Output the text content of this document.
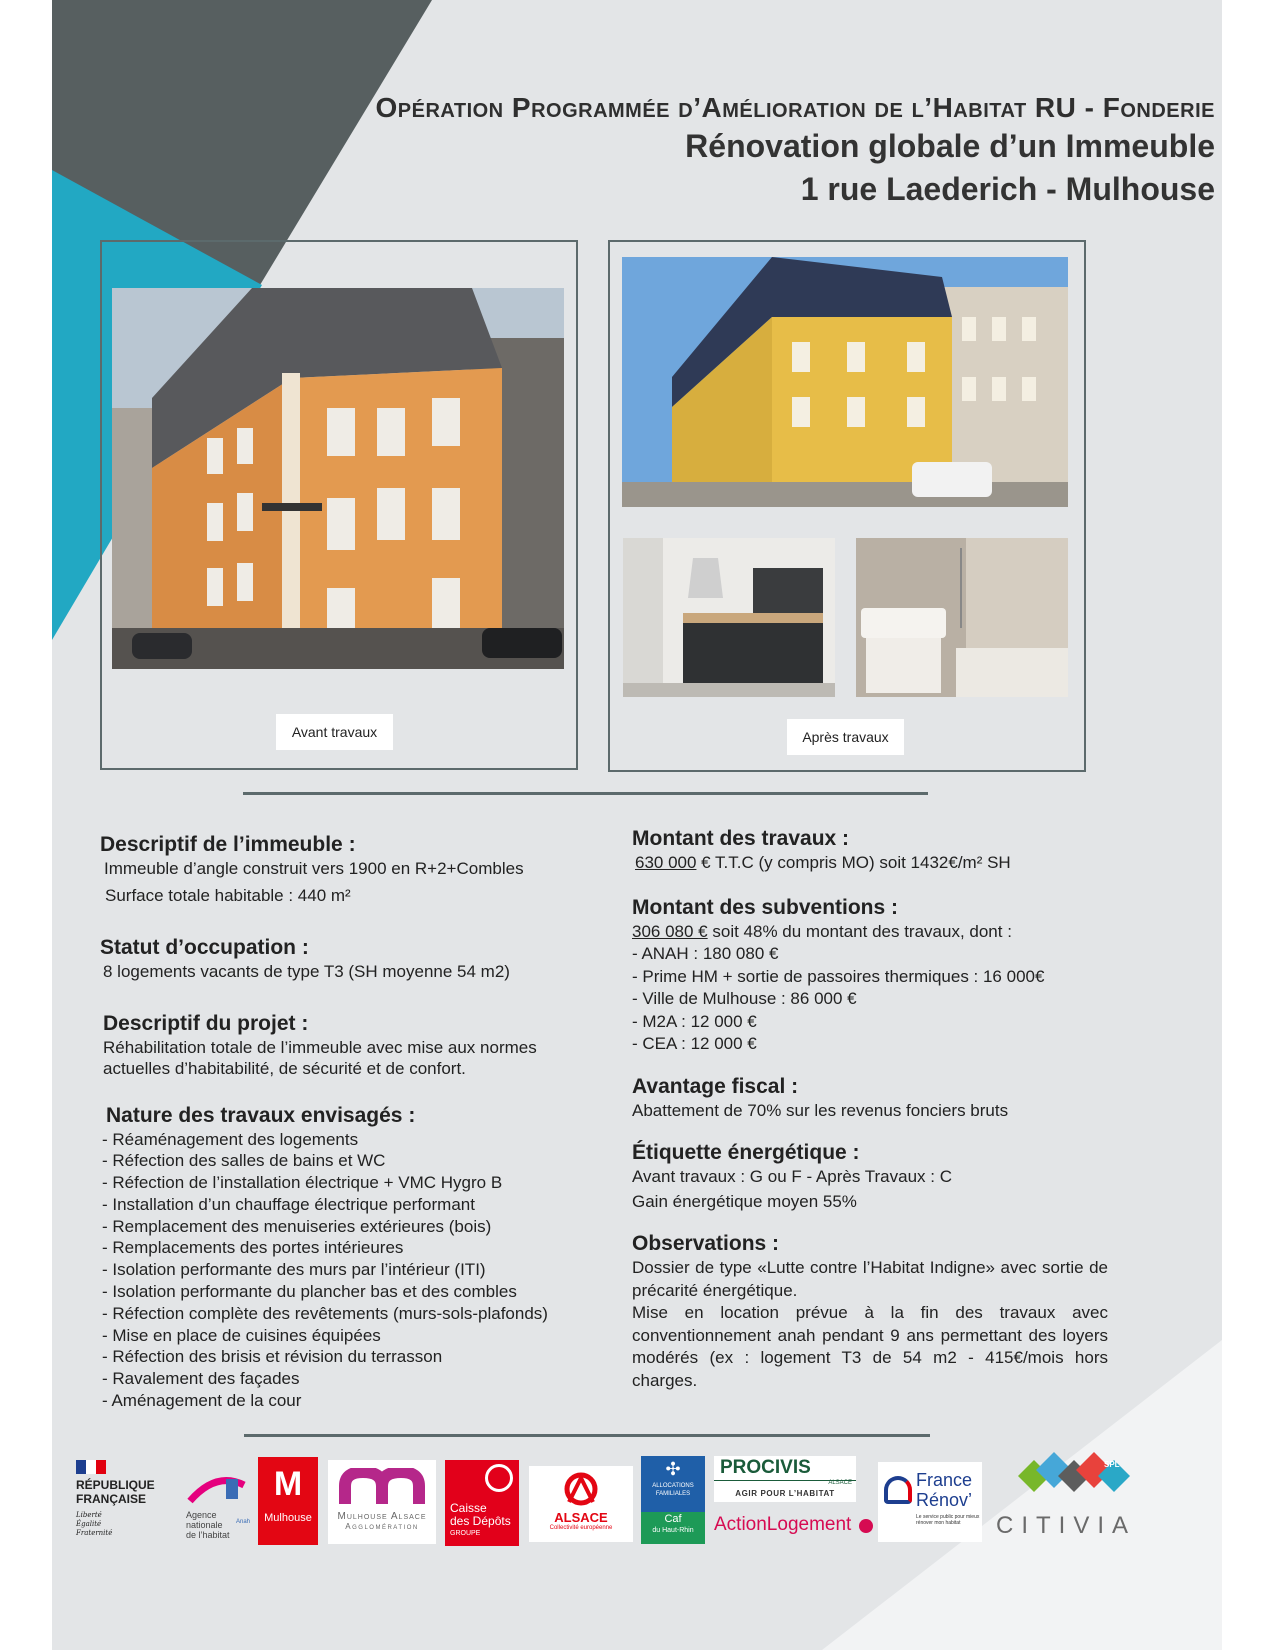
Opération Programmée d’Amélioration de l’Habitat RU - Fonderie
Rénovation globale d’un Immeuble
1 rue Laederich - Mulhouse
Avant travaux	Après travaux
Descriptif de l’immeuble :
Immeuble d’angle construit vers 1900 en R+2+Combles
Surface totale habitable : 440 m²
Statut d’occupation :
8 logements vacants de type T3 (SH moyenne 54 m2)
Descriptif du projet :
Réhabilitation totale de l’immeuble avec mise aux normes actuelles d’habitabilité, de sécurité et de confort.
Nature des travaux envisagés :
- Réaménagement des logements
- Réfection des salles de bains et WC
- Réfection de l’installation électrique + VMC Hygro B
- Installation d’un chauffage électrique performant
- Remplacement des menuiseries extérieures (bois)
- Remplacements des portes intérieures
- Isolation performante des murs par l’intérieur (ITI)
- Isolation performante du plancher bas et des combles
- Réfection complète des revêtements (murs-sols-plafonds)
- Mise en place de cuisines équipées
- Réfection des brisis et révision du terrasson
- Ravalement des façades
- Aménagement de la cour
Montant des travaux :
630 000 € T.T.C (y compris MO) soit 1432€/m² SH
Montant des subventions :
306 080 € soit 48% du montant des travaux, dont :
- ANAH : 180 080 €
- Prime HM + sortie de passoires thermiques : 16 000€
- Ville de Mulhouse : 86 000 €
- M2A : 12 000 €
- CEA : 12 000 €
Avantage fiscal :
Abattement de 70% sur les revenus fonciers bruts
Étiquette énergétique :
Avant travaux : G ou F - Après Travaux : C
Gain énergétique moyen 55%
Observations :
Dossier de type «Lutte contre l’Habitat Indigne» avec sortie de précarité énergétique.
Mise en location prévue à la fin des travaux avec conventionnement anah pendant 9 ans permettant des loyers modérés (ex : logement T3 de 54 m2 - 415€/mois hors charges.
RÉPUBLIQUE
FRANÇAISE
Liberté
Égalité
Fraternité
Agence
nationale
de l’habitat
Anah
M
Mulhouse	Mulhouse Alsace
Agglomération
Caisse
des Dépôts
GROUPE
ALSACE
Collectivité européenne
✣
ALLOCATIONS
FAMILIALES
Caf
du Haut-Rhin
PROCIVIS
ALSACE
AGIR POUR L’HABITAT
ActionLogement
France
Rénov’
Le service public pour mieux rénover mon habitat
SPL
CITIVIA
